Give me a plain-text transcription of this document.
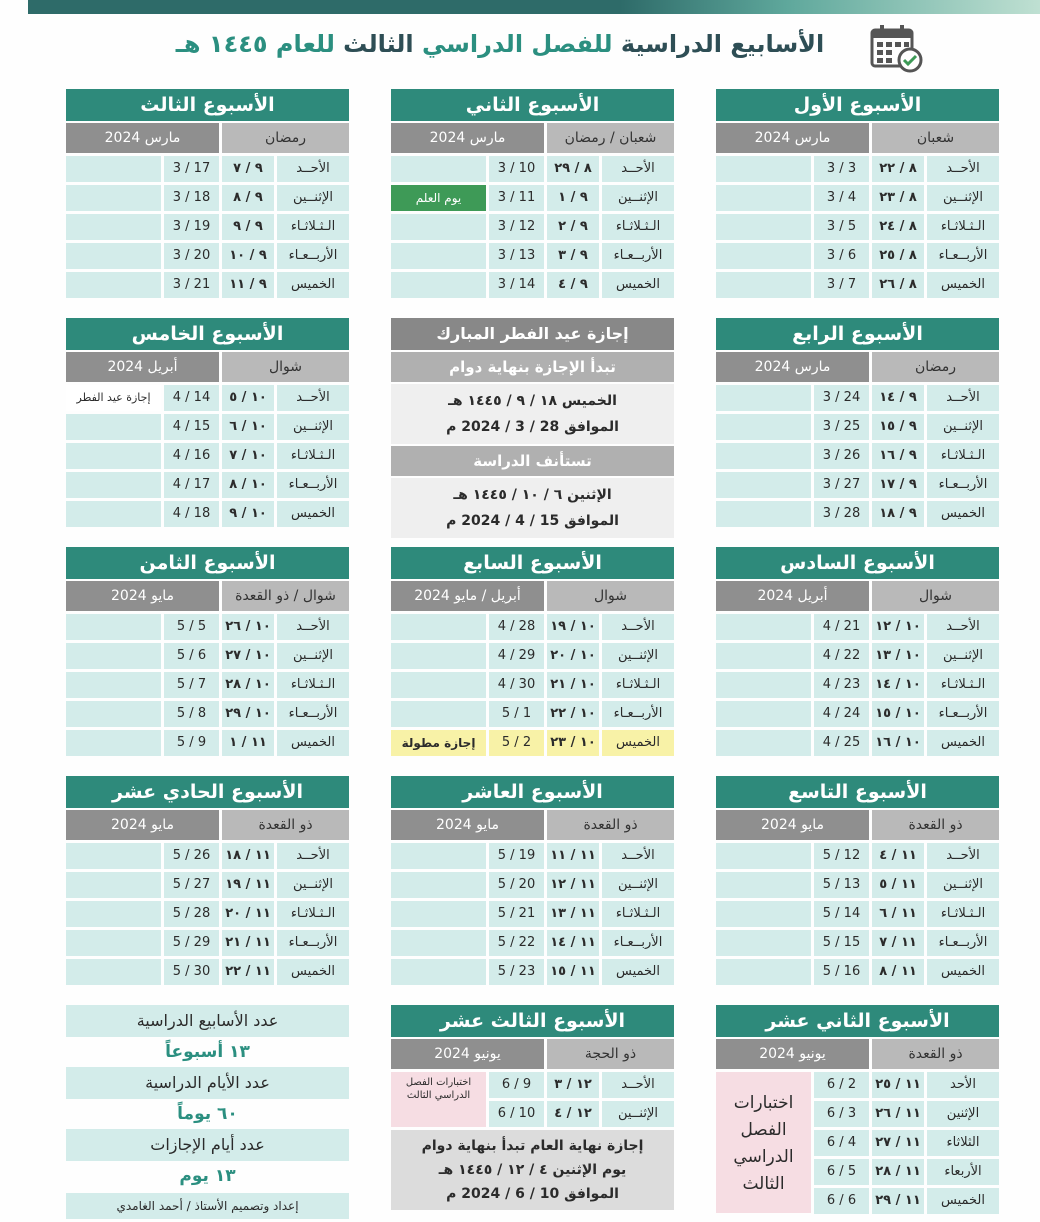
الأسابيع الدراسية للفصل الدراسي الثالث للعام ١٤٤٥ هـ
الأسبوع الأول
شعبان
مارس 2024
الأحــد
٨ / ٢٢
3 / 3
الإثنــين
٨ / ٢٣
3 / 4
الـثـلاثـاء
٨ / ٢٤
3 / 5
الأربــعـاء
٨ / ٢٥
3 / 6
الخميس
٨ / ٢٦
3 / 7
الأسبوع الثاني
شعبان / رمضان
مارس 2024
الأحــد
٨ / ٢٩
3 / 10
الإثنــين
٩ / ١
3 / 11
يوم العلم
الـثـلاثـاء
٩ / ٢
3 / 12
الأربــعـاء
٩ / ٣
3 / 13
الخميس
٩ / ٤
3 / 14
الأسبوع الثالث
رمضان
مارس 2024
الأحــد
٩ / ٧
3 / 17
الإثنــين
٩ / ٨
3 / 18
الـثـلاثـاء
٩ / ٩
3 / 19
الأربــعـاء
٩ / ١٠
3 / 20
الخميس
٩ / ١١
3 / 21
الأسبوع الرابع
رمضان
مارس 2024
الأحــد
٩ / ١٤
3 / 24
الإثنــين
٩ / ١٥
3 / 25
الـثـلاثـاء
٩ / ١٦
3 / 26
الأربــعـاء
٩ / ١٧
3 / 27
الخميس
٩ / ١٨
3 / 28
الأسبوع الخامس
شوال
أبريل 2024
الأحــد
١٠ / ٥
4 / 14
إجازة عيد الفطر
الإثنــين
١٠ / ٦
4 / 15
الـثـلاثـاء
١٠ / ٧
4 / 16
الأربــعـاء
١٠ / ٨
4 / 17
الخميس
١٠ / ٩
4 / 18
الأسبوع السادس
شوال
أبريل 2024
الأحــد
١٠ / ١٢
4 / 21
الإثنــين
١٠ / ١٣
4 / 22
الـثـلاثـاء
١٠ / ١٤
4 / 23
الأربــعـاء
١٠ / ١٥
4 / 24
الخميس
١٠ / ١٦
4 / 25
الأسبوع السابع
شوال
أبريل / مايو 2024
الأحــد
١٠ / ١٩
4 / 28
الإثنــين
١٠ / ٢٠
4 / 29
الـثـلاثـاء
١٠ / ٢١
4 / 30
الأربــعـاء
١٠ / ٢٢
5 / 1
الخميس
١٠ / ٢٣
5 / 2
إجازة مطولة
الأسبوع الثامن
شوال / ذو القعدة
مايو 2024
الأحــد
١٠ / ٢٦
5 / 5
الإثنــين
١٠ / ٢٧
5 / 6
الـثـلاثـاء
١٠ / ٢٨
5 / 7
الأربــعـاء
١٠ / ٢٩
5 / 8
الخميس
١١ / ١
5 / 9
الأسبوع التاسع
ذو القعدة
مايو 2024
الأحــد
١١ / ٤
5 / 12
الإثنــين
١١ / ٥
5 / 13
الـثـلاثـاء
١١ / ٦
5 / 14
الأربــعـاء
١١ / ٧
5 / 15
الخميس
١١ / ٨
5 / 16
الأسبوع العاشر
ذو القعدة
مايو 2024
الأحــد
١١ / ١١
5 / 19
الإثنــين
١١ / ١٢
5 / 20
الـثـلاثـاء
١١ / ١٣
5 / 21
الأربــعـاء
١١ / ١٤
5 / 22
الخميس
١١ / ١٥
5 / 23
الأسبوع الحادي عشر
ذو القعدة
مايو 2024
الأحــد
١١ / ١٨
5 / 26
الإثنــين
١١ / ١٩
5 / 27
الـثـلاثـاء
١١ / ٢٠
5 / 28
الأربــعـاء
١١ / ٢١
5 / 29
الخميس
١١ / ٢٢
5 / 30
الأسبوع الثاني عشر
ذو القعدة
يونيو 2024
الأحد
١١ / ٢٥
6 / 2
الإثنين
١١ / ٢٦
6 / 3
الثلاثاء
١١ / ٢٧
6 / 4
الأربعاء
١١ / ٢٨
6 / 5
الخميس
١١ / ٢٩
6 / 6
اختبارات الفصل الدراسي الثالث
الأسبوع الثالث عشر
ذو الحجة
يونيو 2024
الأحــد
١٢ / ٣
6 / 9
اختبارات الفصل الدراسي الثالث
الإثنــين
١٢ / ٤
6 / 10
إجازة نهاية العام تبدأ بنهاية دوام
يوم الإثنين ٤ / ١٢ / ١٤٤٥ هـ
الموافق 10 / 6 / 2024 م
إجازة عيد الفطر المبارك
تبدأ الإجازة بنهاية دوام
الخميس ١٨ / ٩ / ١٤٤٥ هـ
الموافق 28 / 3 / 2024 م
تستأنف الدراسة
الإثنين ٦ / ١٠ / ١٤٤٥ هـ
الموافق 15 / 4 / 2024 م
عدد الأسابيع الدراسية
١٣ أسبوعاً
عدد الأيام الدراسية
٦٠ يوماً
عدد أيام الإجازات
١٣ يوم
إعداد وتصميم الأستاذ / أحمد الغامدي
